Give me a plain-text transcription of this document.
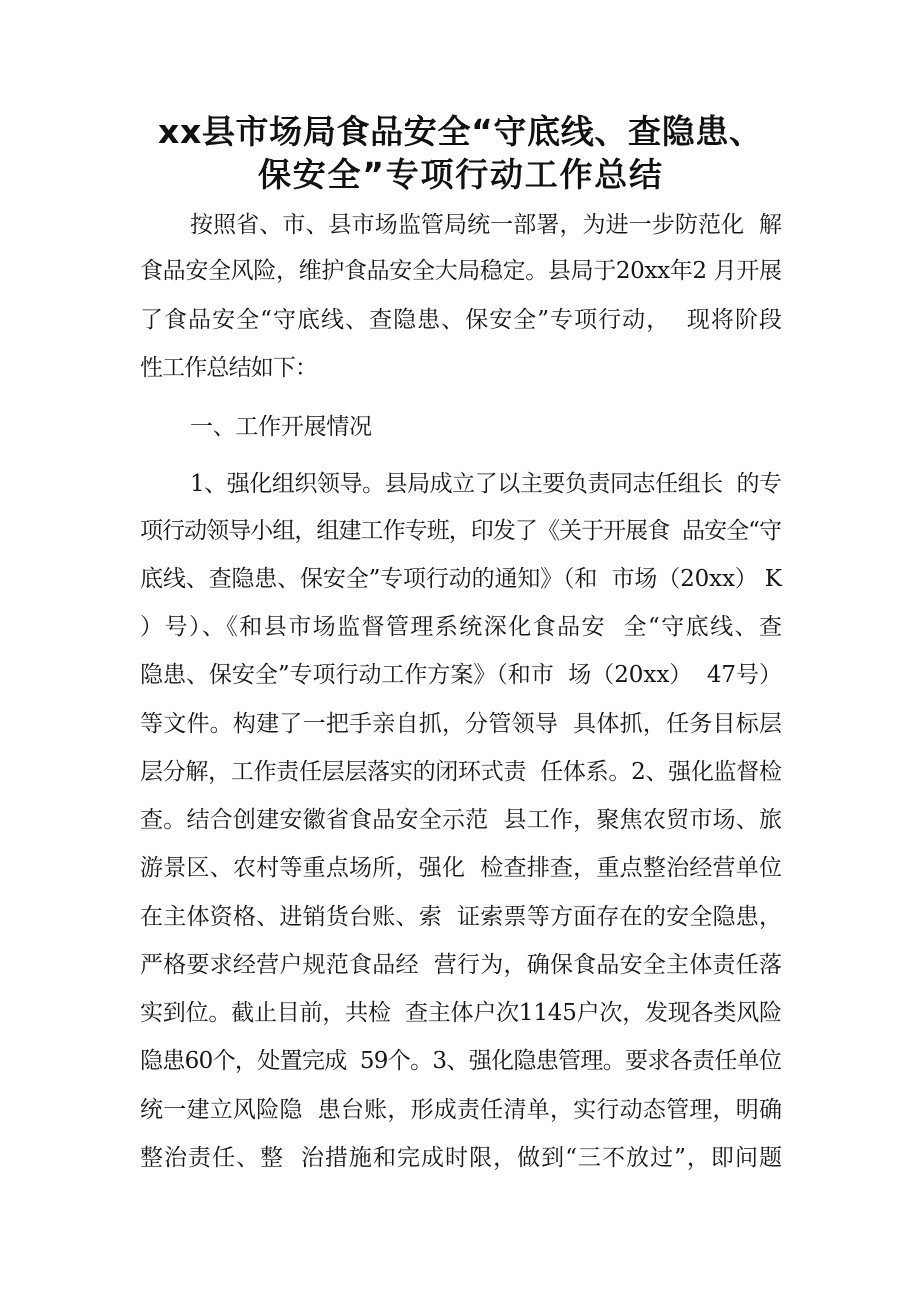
xx县市场局食品安全“守底线、查隐患、
保安全”专项行动工作总结
按照省、市、县市场监管局统一部署，为进一步防范化  解
食品安全风险，维护食品安全大局稳定。县局于20xx年2 月开展
了食品安全“守底线、查隐患、保安全”专项行动，  现将阶段
性工作总结如下：
一、工作开展情况
1、强化组织领导。县局成立了以主要负责同志任组长  的专
项行动领导小组，组建工作专班，印发了《关于开展食  品安全“守
底线、查隐患、保安全”专项行动的通知》（和  市场（20xx） K
）号）、《和县市场监督管理系统深化食品安  全“守底线、查
隐患、保安全”专项行动工作方案》（和市  场（20xx）  47号）
等文件。构建了一把手亲自抓，分管领导  具体抓，任务目标层
层分解，工作责任层层落实的闭环式责  任体系。2、强化监督检
查。结合创建安徽省食品安全示范  县工作，聚焦农贸市场、旅
游景区、农村等重点场所，强化  检查排查，重点整治经营单位
在主体资格、进销货台账、索  证索票等方面存在的安全隐患，
严格要求经营户规范食品经  营行为，确保食品安全主体责任落
实到位。截止目前，共检  查主体户次1145户次，发现各类风险
隐患60个，处置完成  59个。3、强化隐患管理。要求各责任单位
统一建立风险隐  患台账，形成责任清单，实行动态管理，明确
整治责任、整  治措施和完成时限，做到“三不放过”，即问题
